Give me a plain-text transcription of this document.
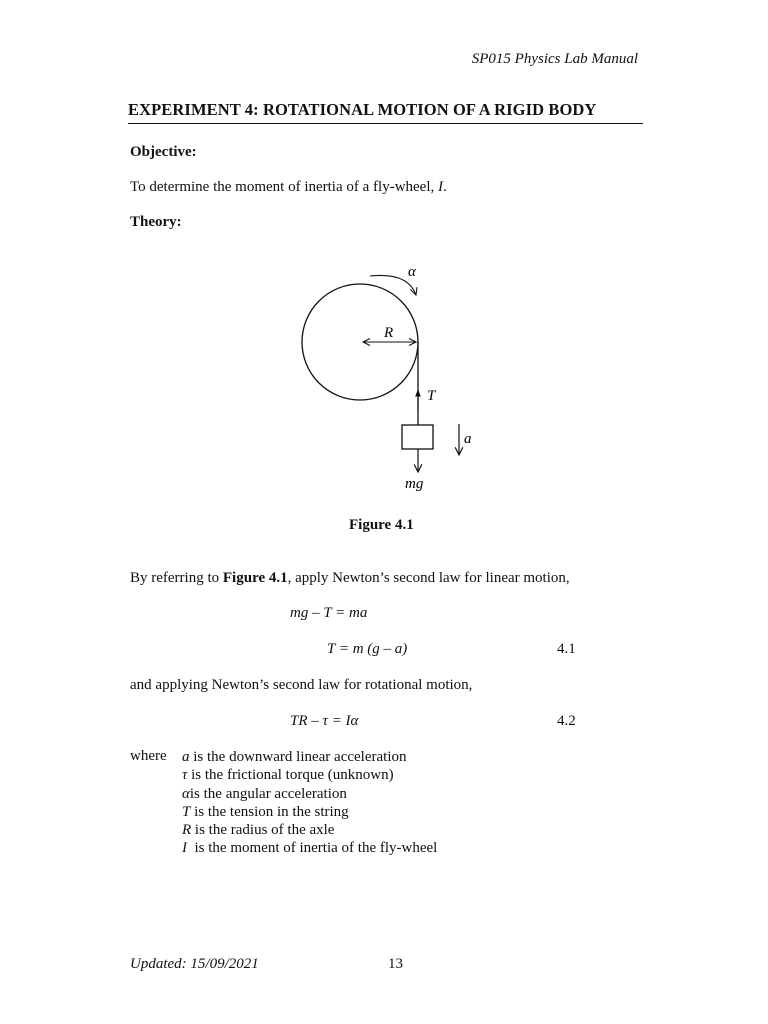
SP015 Physics Lab Manual
EXPERIMENT 4: ROTATIONAL MOTION OF A RIGID BODY
Objective:
To determine the moment of inertia of a fly-wheel, I.
Theory:
α
R
T
a
mg
Figure 4.1
By referring to Figure 4.1, apply Newton’s second law for linear motion,
mg – T = ma
T = m (g – a)	4.1
and applying Newton’s second law for rotational motion,
TR – τ = Iα	4.2
where a is the downward linear acceleration
τ is the frictional torque (unknown)
αis the angular acceleration
T is the tension in the string
R is the radius of the axle
I  is the moment of inertia of the fly-wheel
Updated: 15/09/2021	13
